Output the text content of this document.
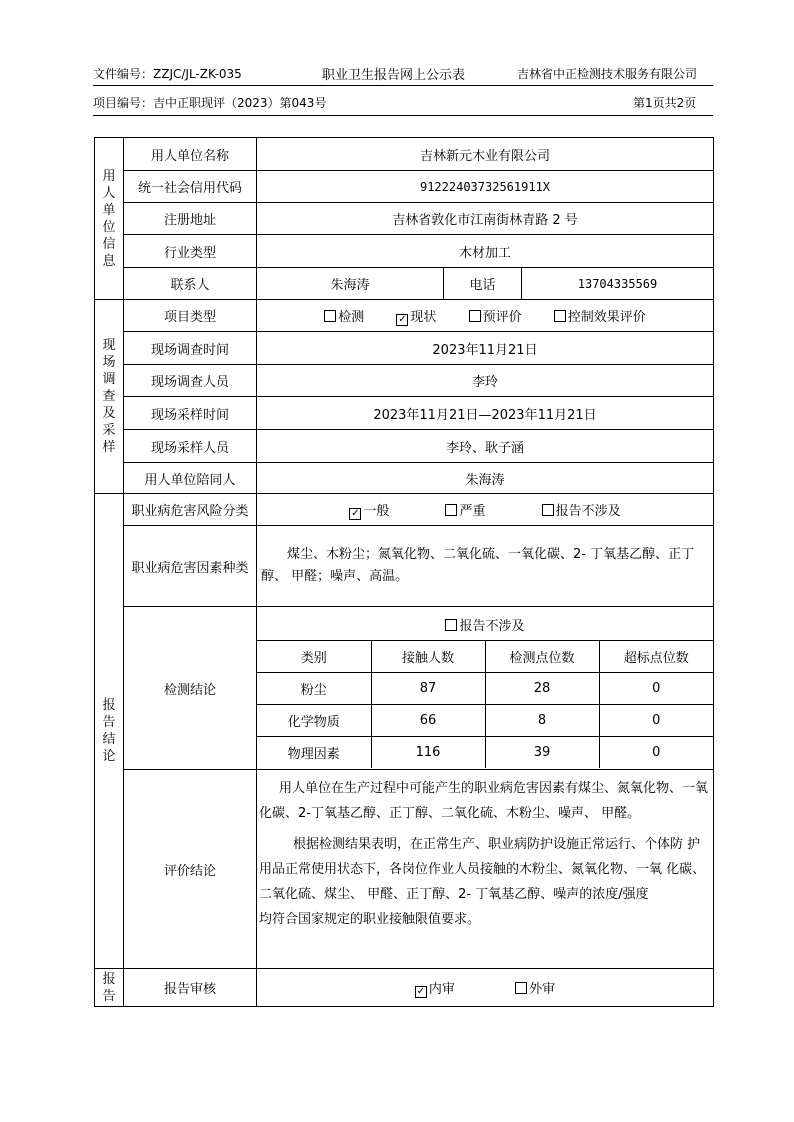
文件编号：ZZJC/JL-ZK-035	职业卫生报告网上公示表	吉林省中正检测技术服务有限公司
项目编号：吉中正职现评（2023）第043号	第1页共2页
用人单位信息	用人单位名称	吉林新元木业有限公司
统一社会信用代码	91222403732561911X
注册地址	吉林省敦化市江南街林青路 2 号
行业类型	木材加工
联系人	朱海涛	电话	13704335569
现场调查及采样	项目类型	检测	✓ 现状	预评价	控制效果评价
现场调查时间	2023年11月21日
现场调查人员	李玲
现场采样时间	2023年11月21日—2023年11月21日
现场采样人员	李玲、耿子涵
用人单位陪同人	朱海涛
报告结论	职业病危害风险分类	✓ 一般	严重	报告不涉及
职业病危害因素种类	煤尘、木粉尘；氮氧化物、二氧化硫、一氧化碳、2- 丁氧基乙醇、正丁醇、 甲醛；噪声、高温。
检测结论	
报告不涉及
类别	接触人数	检测点位数	超标点位数
粉尘	87	28	0
化学物质	66	8	0
物理因素	116	39	0

评价结论	
用人单位在生产过程中可能产生的职业病危害因素有煤尘、氮氧化物、一氧化碳、2-丁氧基乙醇、正丁醇、二氧化硫、木粉尘、噪声、 甲醛。
根据检测结果表明，在正常生产、职业病防护设施正常运行、个体防 护用品正常使用状态下，各岗位作业人员接触的木粉尘、氮氧化物、一氧 化碳、二氧化硫、煤尘、 甲醛、正丁醇、2- 丁氧基乙醇、噪声的浓度/强度
均符合国家规定的职业接触限值要求。

报告	报告审核	✓ 内审	外审
